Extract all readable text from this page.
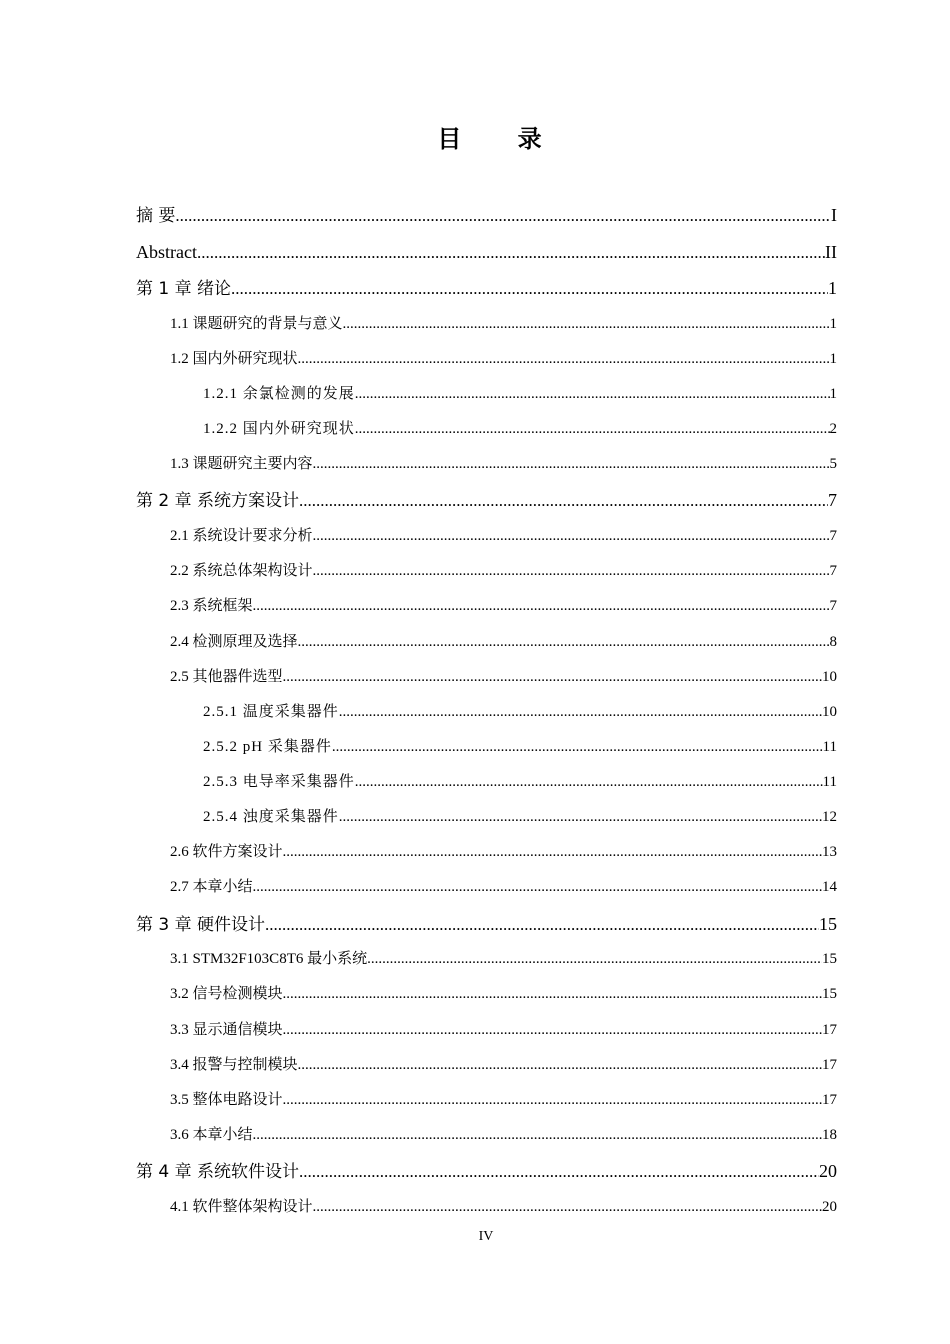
目 录
摘 要 .....	I
Abstract .....	II
第 1 章 绪论 .....	1
1.1 课题研究的背景与意义 .....	1
1.2 国内外研究现状 .....	1
1.2.1 余氯检测的发展 .....	1
1.2.2 国内外研究现状 .....	2
1.3 课题研究主要内容 .....	5
第 2 章 系统方案设计 .....	7
2.1 系统设计要求分析 .....	7
2.2 系统总体架构设计 .....	7
2.3 系统框架 .....	7
2.4 检测原理及选择 .....	8
2.5 其他器件选型 .....	10
2.5.1 温度采集器件 .....	10
2.5.2 pH 采集器件 .....	11
2.5.3 电导率采集器件 .....	11
2.5.4 浊度采集器件 .....	12
2.6 软件方案设计 .....	13
2.7 本章小结 .....	14
第 3 章 硬件设计 .....	15
3.1 STM32F103C8T6 最小系统 .....	15
3.2 信号检测模块 .....	15
3.3 显示通信模块 .....	17
3.4 报警与控制模块 .....	17
3.5 整体电路设计 .....	17
3.6 本章小结 .....	18
第 4 章 系统软件设计 .....	20
4.1 软件整体架构设计 .....	20
IV
